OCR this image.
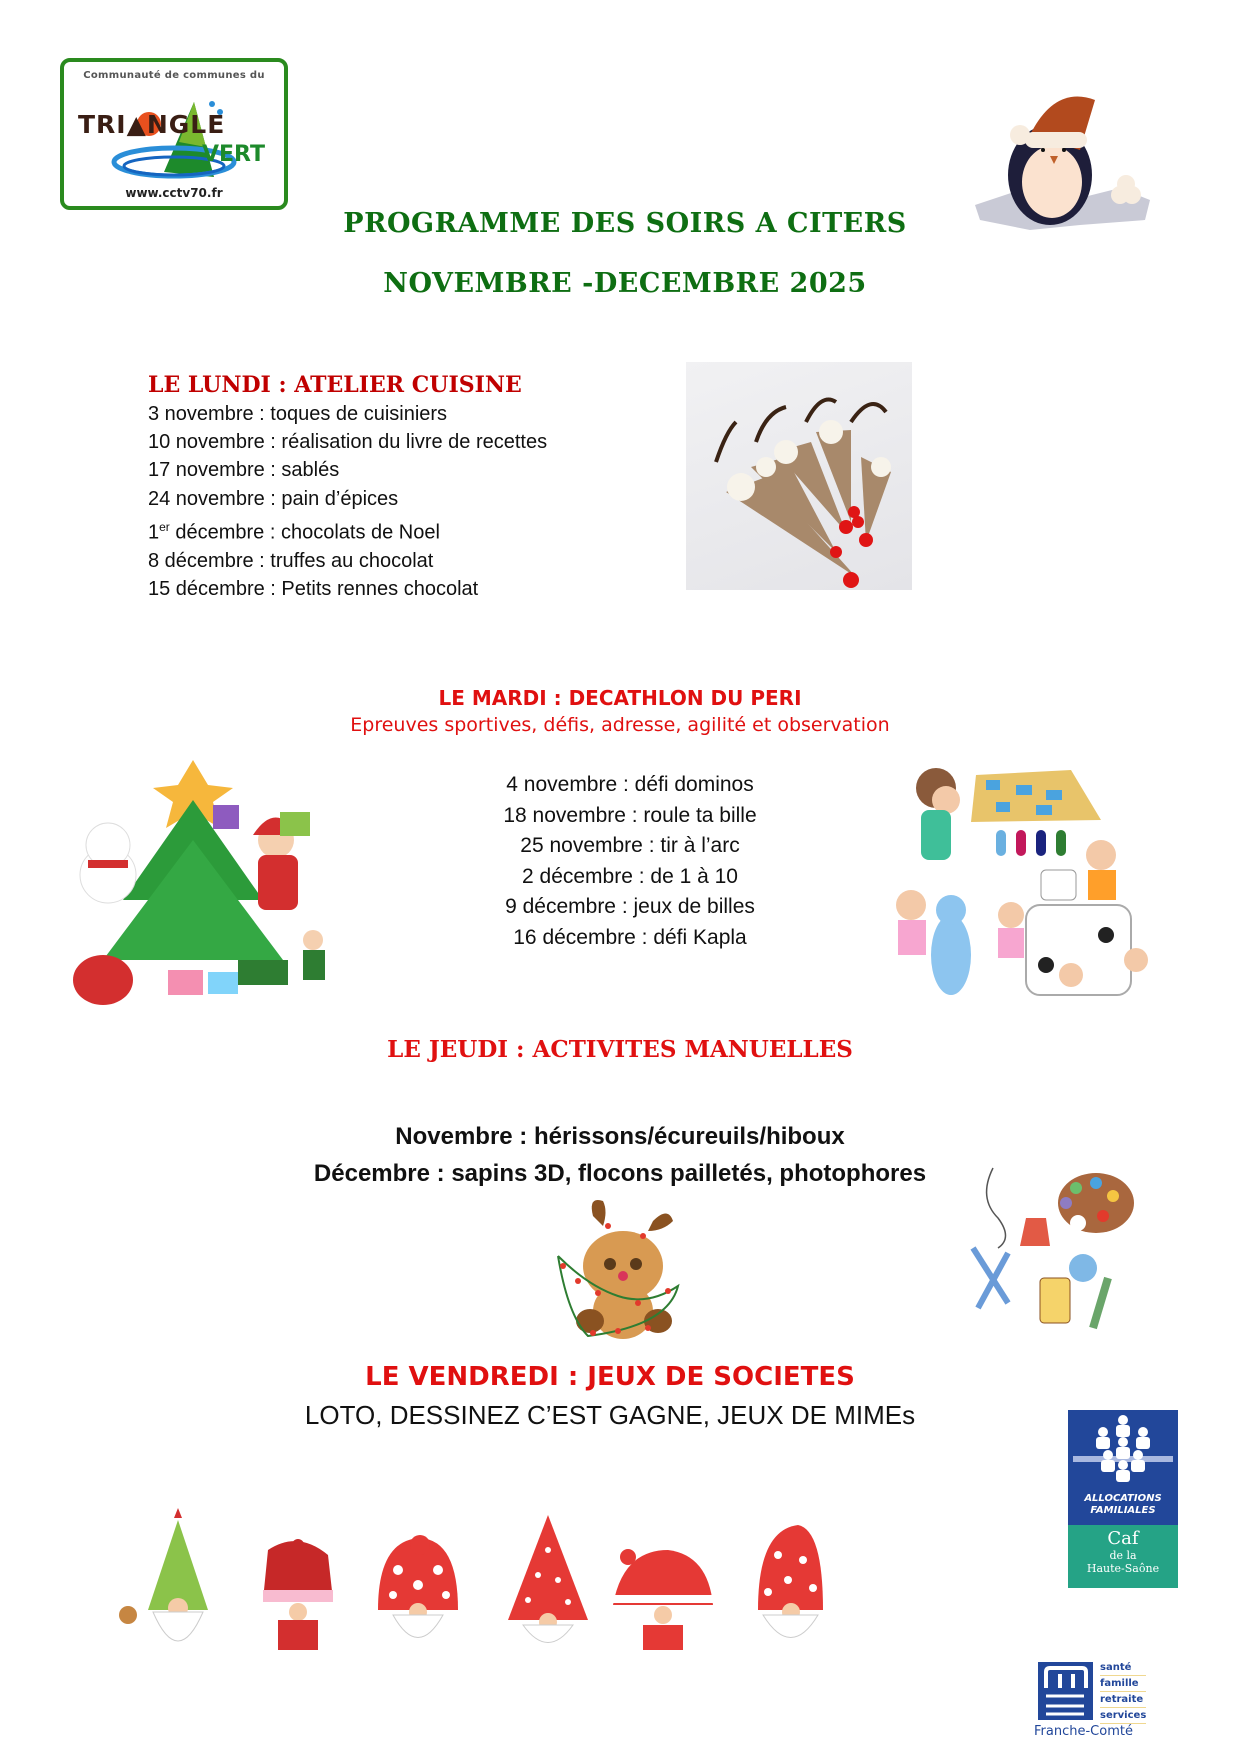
Communauté de communes du
TRI▲NGLE
VERT
www.cctv70.fr
PROGRAMME DES SOIRS A CITERS
NOVEMBRE -DECEMBRE 2025
LE LUNDI : ATELIER CUISINE
3 novembre : toques de cuisiniers
10 novembre : réalisation du livre de recettes
17 novembre : sablés
24 novembre : pain d’épices
1er décembre : chocolats de Noel
8 décembre : truffes au chocolat
15 décembre : Petits rennes chocolat
LE MARDI : DECATHLON DU PERI
Epreuves sportives, défis, adresse, agilité et observation
4 novembre : défi dominos
18 novembre : roule ta bille
25 novembre : tir à l’arc
2 décembre : de 1 à 10
9 décembre : jeux de billes
16 décembre : défi Kapla
LE JEUDI : ACTIVITES MANUELLES
Novembre : hérissons/écureuils/hiboux
Décembre : sapins 3D, flocons pailletés, photophores
LE VENDREDI : JEUX DE SOCIETES
LOTO, DESSINEZ C’EST GAGNE, JEUX DE MIMEs
ALLOCATIONS
FAMILIALES
Caf
de la
Haute-Saône
santé
famille
retraite
services
Franche-Comté
